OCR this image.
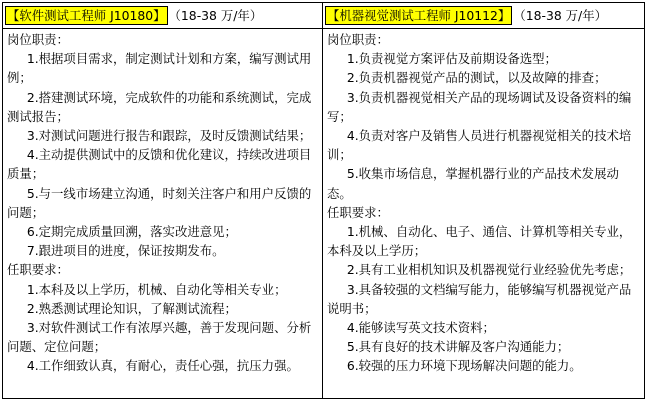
【软件测试工程师 J10180】 （18-38 万/年）
岗位职责：
1.根据项目需求，制定测试计划和方案，编写测试用例；
2.搭建测试环境，完成软件的功能和系统测试，完成测试报告；
3.对测试问题进行报告和跟踪，及时反馈测试结果；
4.主动提供测试中的反馈和优化建议，持续改进项目质量；
5.与一线市场建立沟通，时刻关注客户和用户反馈的问题；
6.定期完成质量回溯，落实改进意见；
7.跟进项目的进度，保证按期发布。
任职要求：
1.本科及以上学历，机械、自动化等相关专业；
2.熟悉测试理论知识，了解测试流程；
3.对软件测试工作有浓厚兴趣，善于发现问题、分析问题、定位问题；
4.工作细致认真，有耐心，责任心强，抗压力强。
【机器视觉测试工程师 J10112】 （18-38 万/年）
岗位职责：
1.负责视觉方案评估及前期设备选型；
2.负责机器视觉产品的测试，以及故障的排查；
3.负责机器视觉相关产品的现场调试及设备资料的编写；
4.负责对客户及销售人员进行机器视觉相关的技术培训；
5.收集市场信息，掌握机器行业的产品技术发展动态。
任职要求：
1.机械、自动化、电子、通信、计算机等相关专业，本科及以上学历；
2.具有工业相机知识及机器视觉行业经验优先考虑；
3.具备较强的文档编写能力，能够编写机器视觉产品说明书；
4.能够读写英文技术资料；
5.具有良好的技术讲解及客户沟通能力；
6.较强的压力环境下现场解决问题的能力。
